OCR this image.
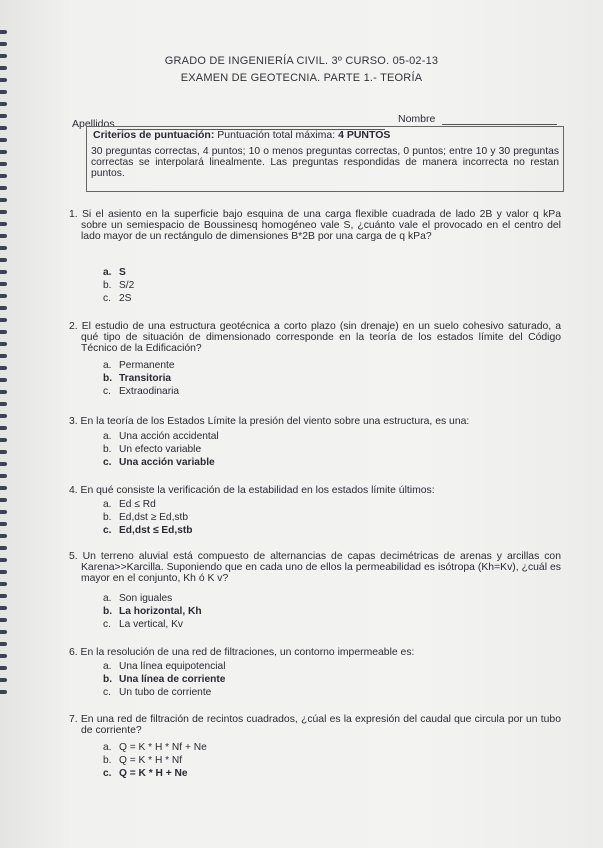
GRADO DE INGENIERÍA CIVIL. 3º CURSO. 05-02-13
EXAMEN DE GEOTECNIA. PARTE 1.- TEORÍA
Apellidos	Nombre
Criterios de puntuación: Puntuación total máxima: 4 PUNTOS
30 preguntas correctas, 4 puntos; 10 o menos preguntas correctas, 0 puntos; entre 10 y 30 preguntas correctas se interpolará linealmente. Las preguntas respondidas de manera incorrecta no restan puntos.
1. Si el asiento en la superficie bajo esquina de una carga flexible cuadrada de lado 2B y valor q kPa sobre un semiespacio de Boussinesq homogéneo vale S, ¿cuánto vale el provocado en el centro del lado mayor de un rectángulo de dimensiones B*2B por una carga de q kPa?
a. S
b. S/2
c. 2S
2. El estudio de una estructura geotécnica a corto plazo (sin drenaje) en un suelo cohesivo saturado, a qué tipo de situación de dimensionado corresponde en la teoría de los estados límite del Código Técnico de la Edificación?
a. Permanente
b. Transitoria
c. Extraodinaria
3. En la teoría de los Estados Límite la presión del viento sobre una estructura, es una:
a. Una acción accidental
b. Un efecto variable
c. Una acción variable
4. En qué consiste la verificación de la estabilidad en los estados límite últimos:
a. Ed ≤ Rd
b. Ed,dst ≥ Ed,stb
c. Ed,dst ≤ Ed,stb
5. Un terreno aluvial está compuesto de alternancias de capas decimétricas de arenas y arcillas con Karena>>Karcilla. Suponiendo que en cada uno de ellos la permeabilidad es isótropa (Kh=Kv), ¿cuál es mayor en el conjunto, Kh ó K v?
a. Son iguales
b. La horizontal, Kh
c. La vertical, Kv
6. En la resolución de una red de filtraciones, un contorno impermeable es:
a. Una línea equipotencial
b. Una línea de corriente
c. Un tubo de corriente
7. En una red de filtración de recintos cuadrados, ¿cúal es la expresión del caudal que circula por un tubo de corriente?
a. Q = K * H * Nf + Ne
b. Q = K * H * Nf
c. Q = K * H + Ne
